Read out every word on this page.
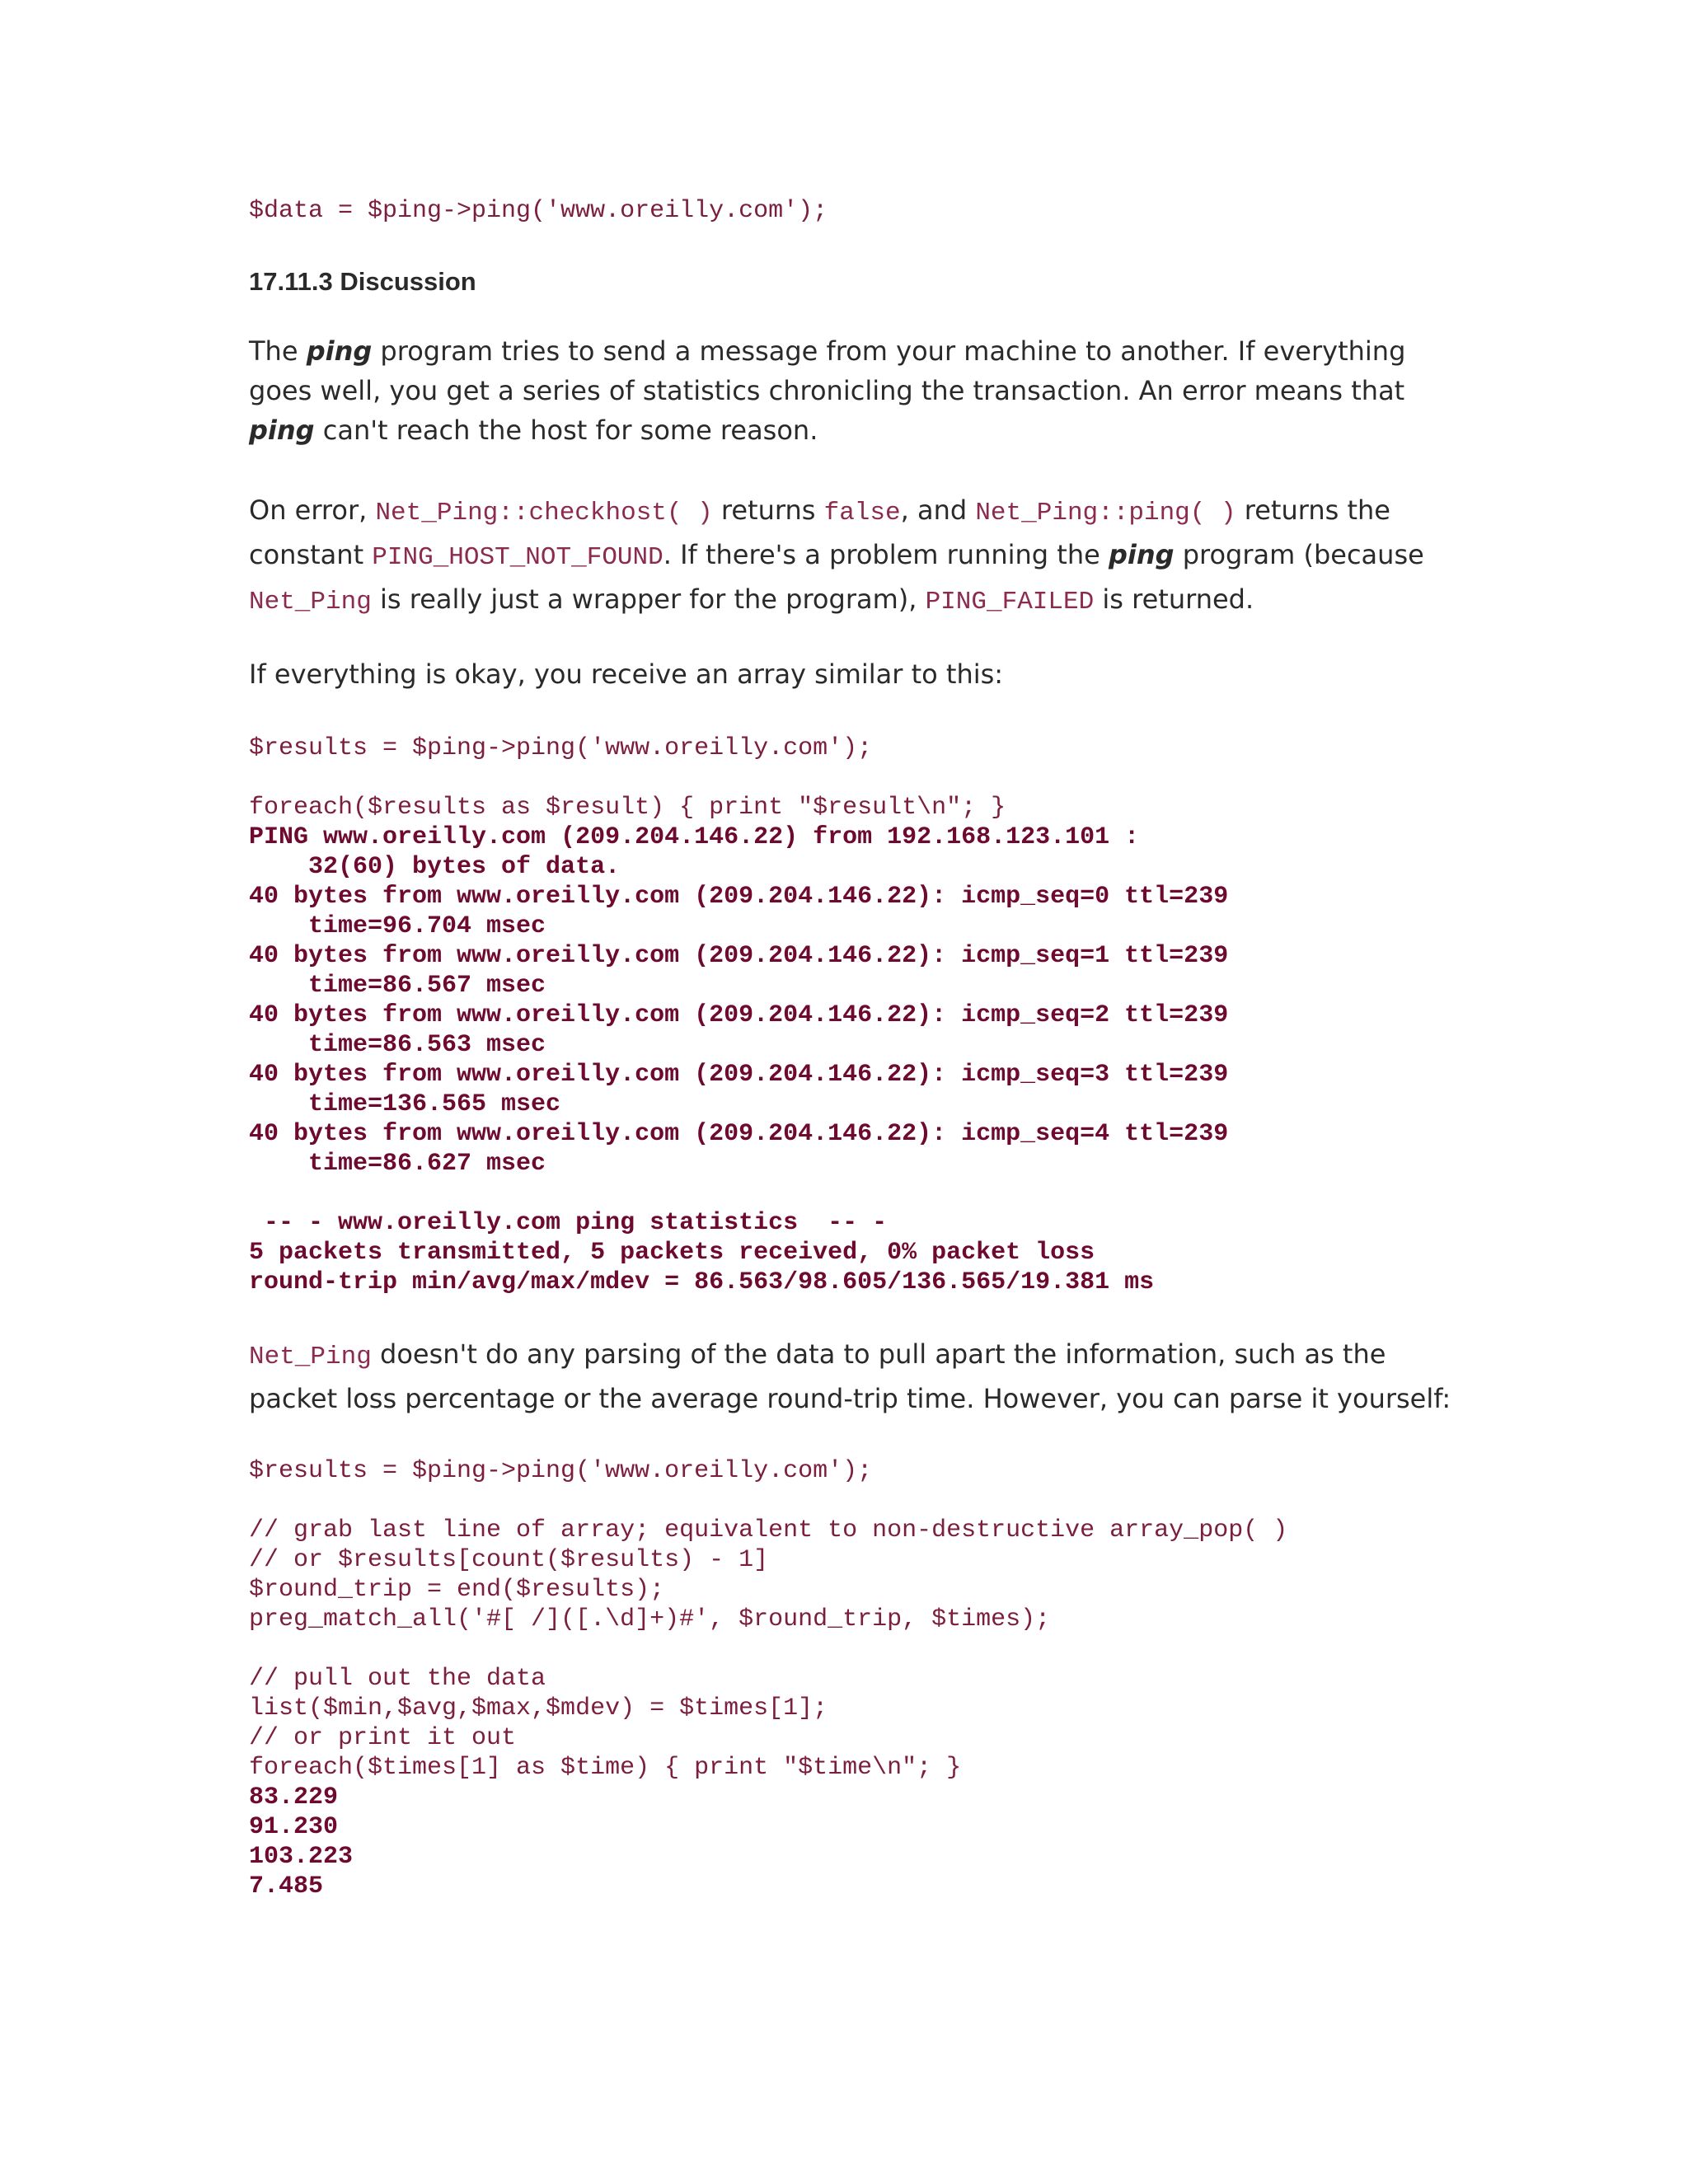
$data = $ping->ping('www.oreilly.com');
17.11.3 Discussion

The ping program tries to send a message from your machine to another. If everything goes well, you get a series of statistics chronicling the transaction. An error means that ping can't reach the host for some reason.

On error, Net_Ping::checkhost( ) returns false, and Net_Ping::ping( ) returns the constant PING_HOST_NOT_FOUND. If there's a problem running the ping program (because Net_Ping is really just a wrapper for the program), PING_FAILED is returned.

If everything is okay, you receive an array similar to this:

$results = $ping->ping('www.oreilly.com');

foreach($results as $result) { print "$result\n"; }
PING www.oreilly.com (209.204.146.22) from 192.168.123.101 :
32(60) bytes of data.
40 bytes from www.oreilly.com (209.204.146.22): icmp_seq=0 ttl=239
time=96.704 msec
40 bytes from www.oreilly.com (209.204.146.22): icmp_seq=1 ttl=239
time=86.567 msec
40 bytes from www.oreilly.com (209.204.146.22): icmp_seq=2 ttl=239
time=86.563 msec
40 bytes from www.oreilly.com (209.204.146.22): icmp_seq=3 ttl=239
time=136.565 msec
40 bytes from www.oreilly.com (209.204.146.22): icmp_seq=4 ttl=239
time=86.627 msec

-- - www.oreilly.com ping statistics  -- -
5 packets transmitted, 5 packets received, 0% packet loss
round-trip min/avg/max/mdev = 86.563/98.605/136.565/19.381 ms

Net_Ping doesn't do any parsing of the data to pull apart the information, such as the packet loss percentage or the average round-trip time. However, you can parse it yourself:

$results = $ping->ping('www.oreilly.com');

// grab last line of array; equivalent to non-destructive array_pop( )
// or $results[count($results) - 1]
$round_trip = end($results);
preg_match_all('#[ /]([.\d]+)#', $round_trip, $times);

// pull out the data
list($min,$avg,$max,$mdev) = $times[1];
// or print it out
foreach($times[1] as $time) { print "$time\n"; }
83.229
91.230
103.223
7.485
